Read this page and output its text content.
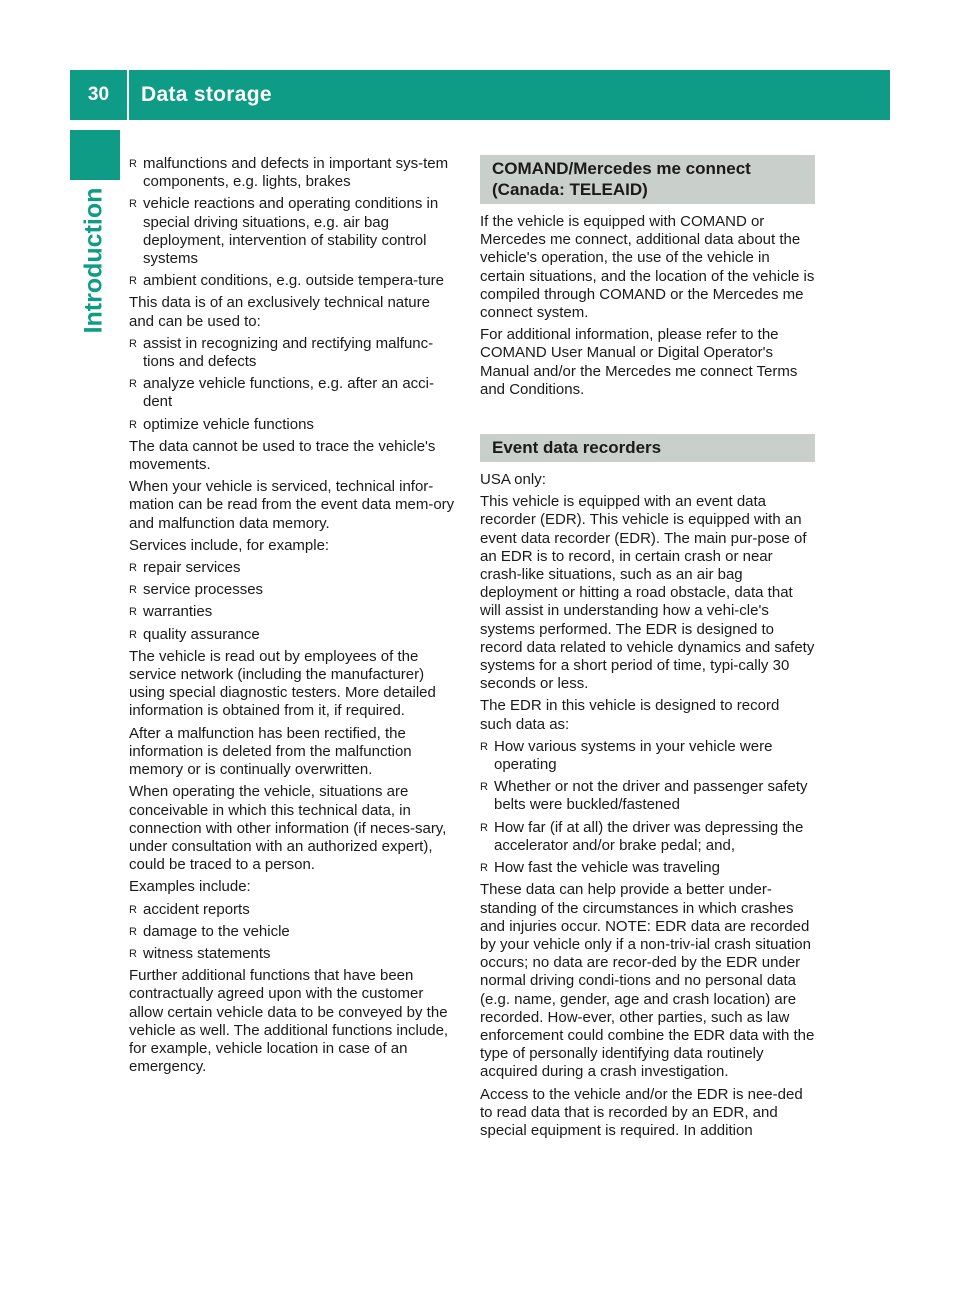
30	Data storage
Introduction
R malfunctions and defects in important sys-tem components, e.g. lights, brakes
R vehicle reactions and operating conditions in special driving situations, e.g. air bag deployment, intervention of stability control systems
R ambient conditions, e.g. outside tempera-ture

This data is of an exclusively technical nature and can be used to:

R assist in recognizing and rectifying malfunc-tions and defects
R analyze vehicle functions, e.g. after an acci-dent
R optimize vehicle functions

The data cannot be used to trace the vehicle's movements.

When your vehicle is serviced, technical infor-mation can be read from the event data mem-ory and malfunction data memory.

Services include, for example:

R repair services
R service processes
R warranties
R quality assurance

The vehicle is read out by employees of the service network (including the manufacturer) using special diagnostic testers. More detailed information is obtained from it, if required.

After a malfunction has been rectified, the information is deleted from the malfunction memory or is continually overwritten.

When operating the vehicle, situations are conceivable in which this technical data, in connection with other information (if neces-sary, under consultation with an authorized expert), could be traced to a person.

Examples include:

R accident reports
R damage to the vehicle
R witness statements

Further additional functions that have been contractually agreed upon with the customer allow certain vehicle data to be conveyed by the vehicle as well. The additional functions include, for example, vehicle location in case of an emergency.

COMAND/Mercedes me connect (Canada: TELEAID)

If the vehicle is equipped with COMAND or Mercedes me connect, additional data about the vehicle's operation, the use of the vehicle in certain situations, and the location of the vehicle is compiled through COMAND or the Mercedes me connect system.

For additional information, please refer to the COMAND User Manual or Digital Operator's Manual and/or the Mercedes me connect Terms and Conditions.

Event data recorders

USA only:

This vehicle is equipped with an event data recorder (EDR). This vehicle is equipped with an event data recorder (EDR). The main pur-pose of an EDR is to record, in certain crash or near crash-like situations, such as an air bag deployment or hitting a road obstacle, data that will assist in understanding how a vehi-cle's systems performed. The EDR is designed to record data related to vehicle dynamics and safety systems for a short period of time, typi-cally 30 seconds or less.

The EDR in this vehicle is designed to record such data as:

R How various systems in your vehicle were operating
R Whether or not the driver and passenger safety belts were buckled/fastened
R How far (if at all) the driver was depressing the accelerator and/or brake pedal; and,
R How fast the vehicle was traveling

These data can help provide a better under-standing of the circumstances in which crashes and injuries occur. NOTE: EDR data are recorded by your vehicle only if a non-triv-ial crash situation occurs; no data are recor-ded by the EDR under normal driving condi-tions and no personal data (e.g. name, gender, age and crash location) are recorded. How-ever, other parties, such as law enforcement could combine the EDR data with the type of personally identifying data routinely acquired during a crash investigation.

Access to the vehicle and/or the EDR is nee-ded to read data that is recorded by an EDR, and special equipment is required. In addition
